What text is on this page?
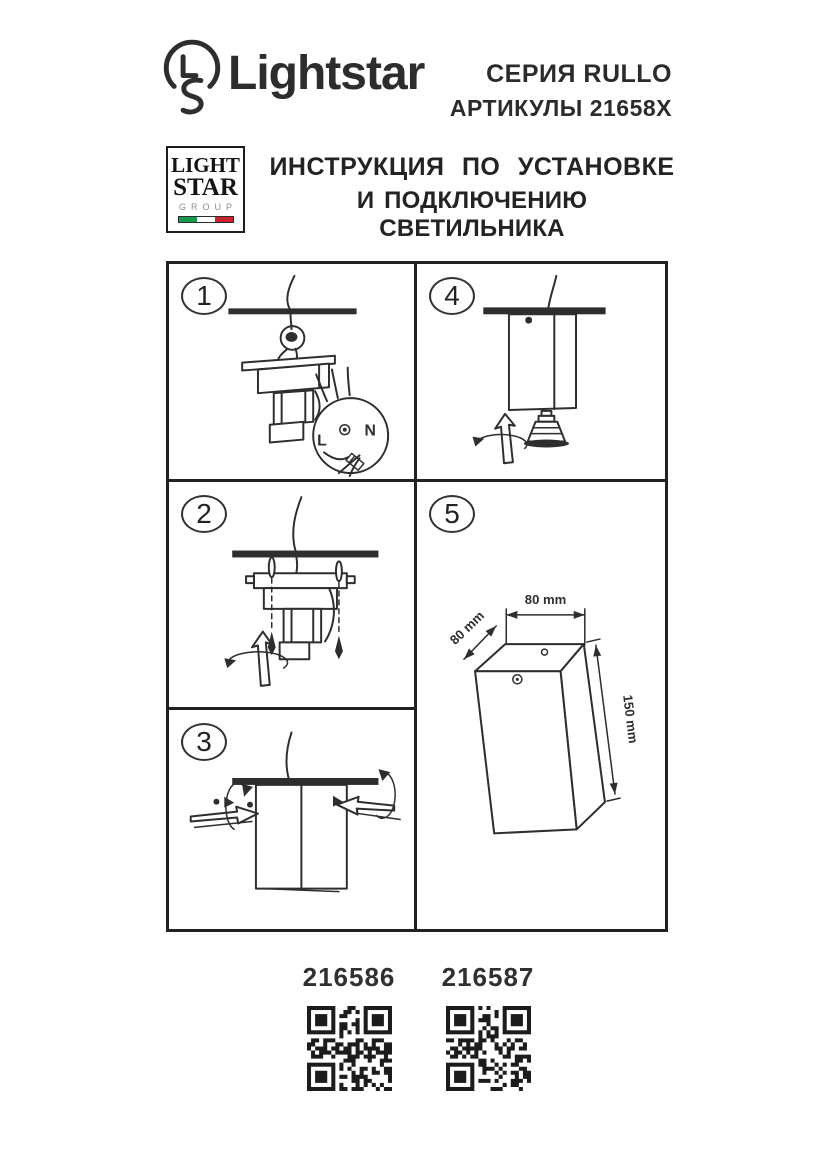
Lightstar	СЕРИЯ RULLO
АРТИКУЛЫ 21658X
LIGHT
STAR
GROUP
ИНСТРУКЦИЯ ПО УСТАНОВКЕ
И ПОДКЛЮЧЕНИЮ СВЕТИЛЬНИКА
1
L
N
2
3
4
5
80 mm
80 mm
150 mm
216586	216587
